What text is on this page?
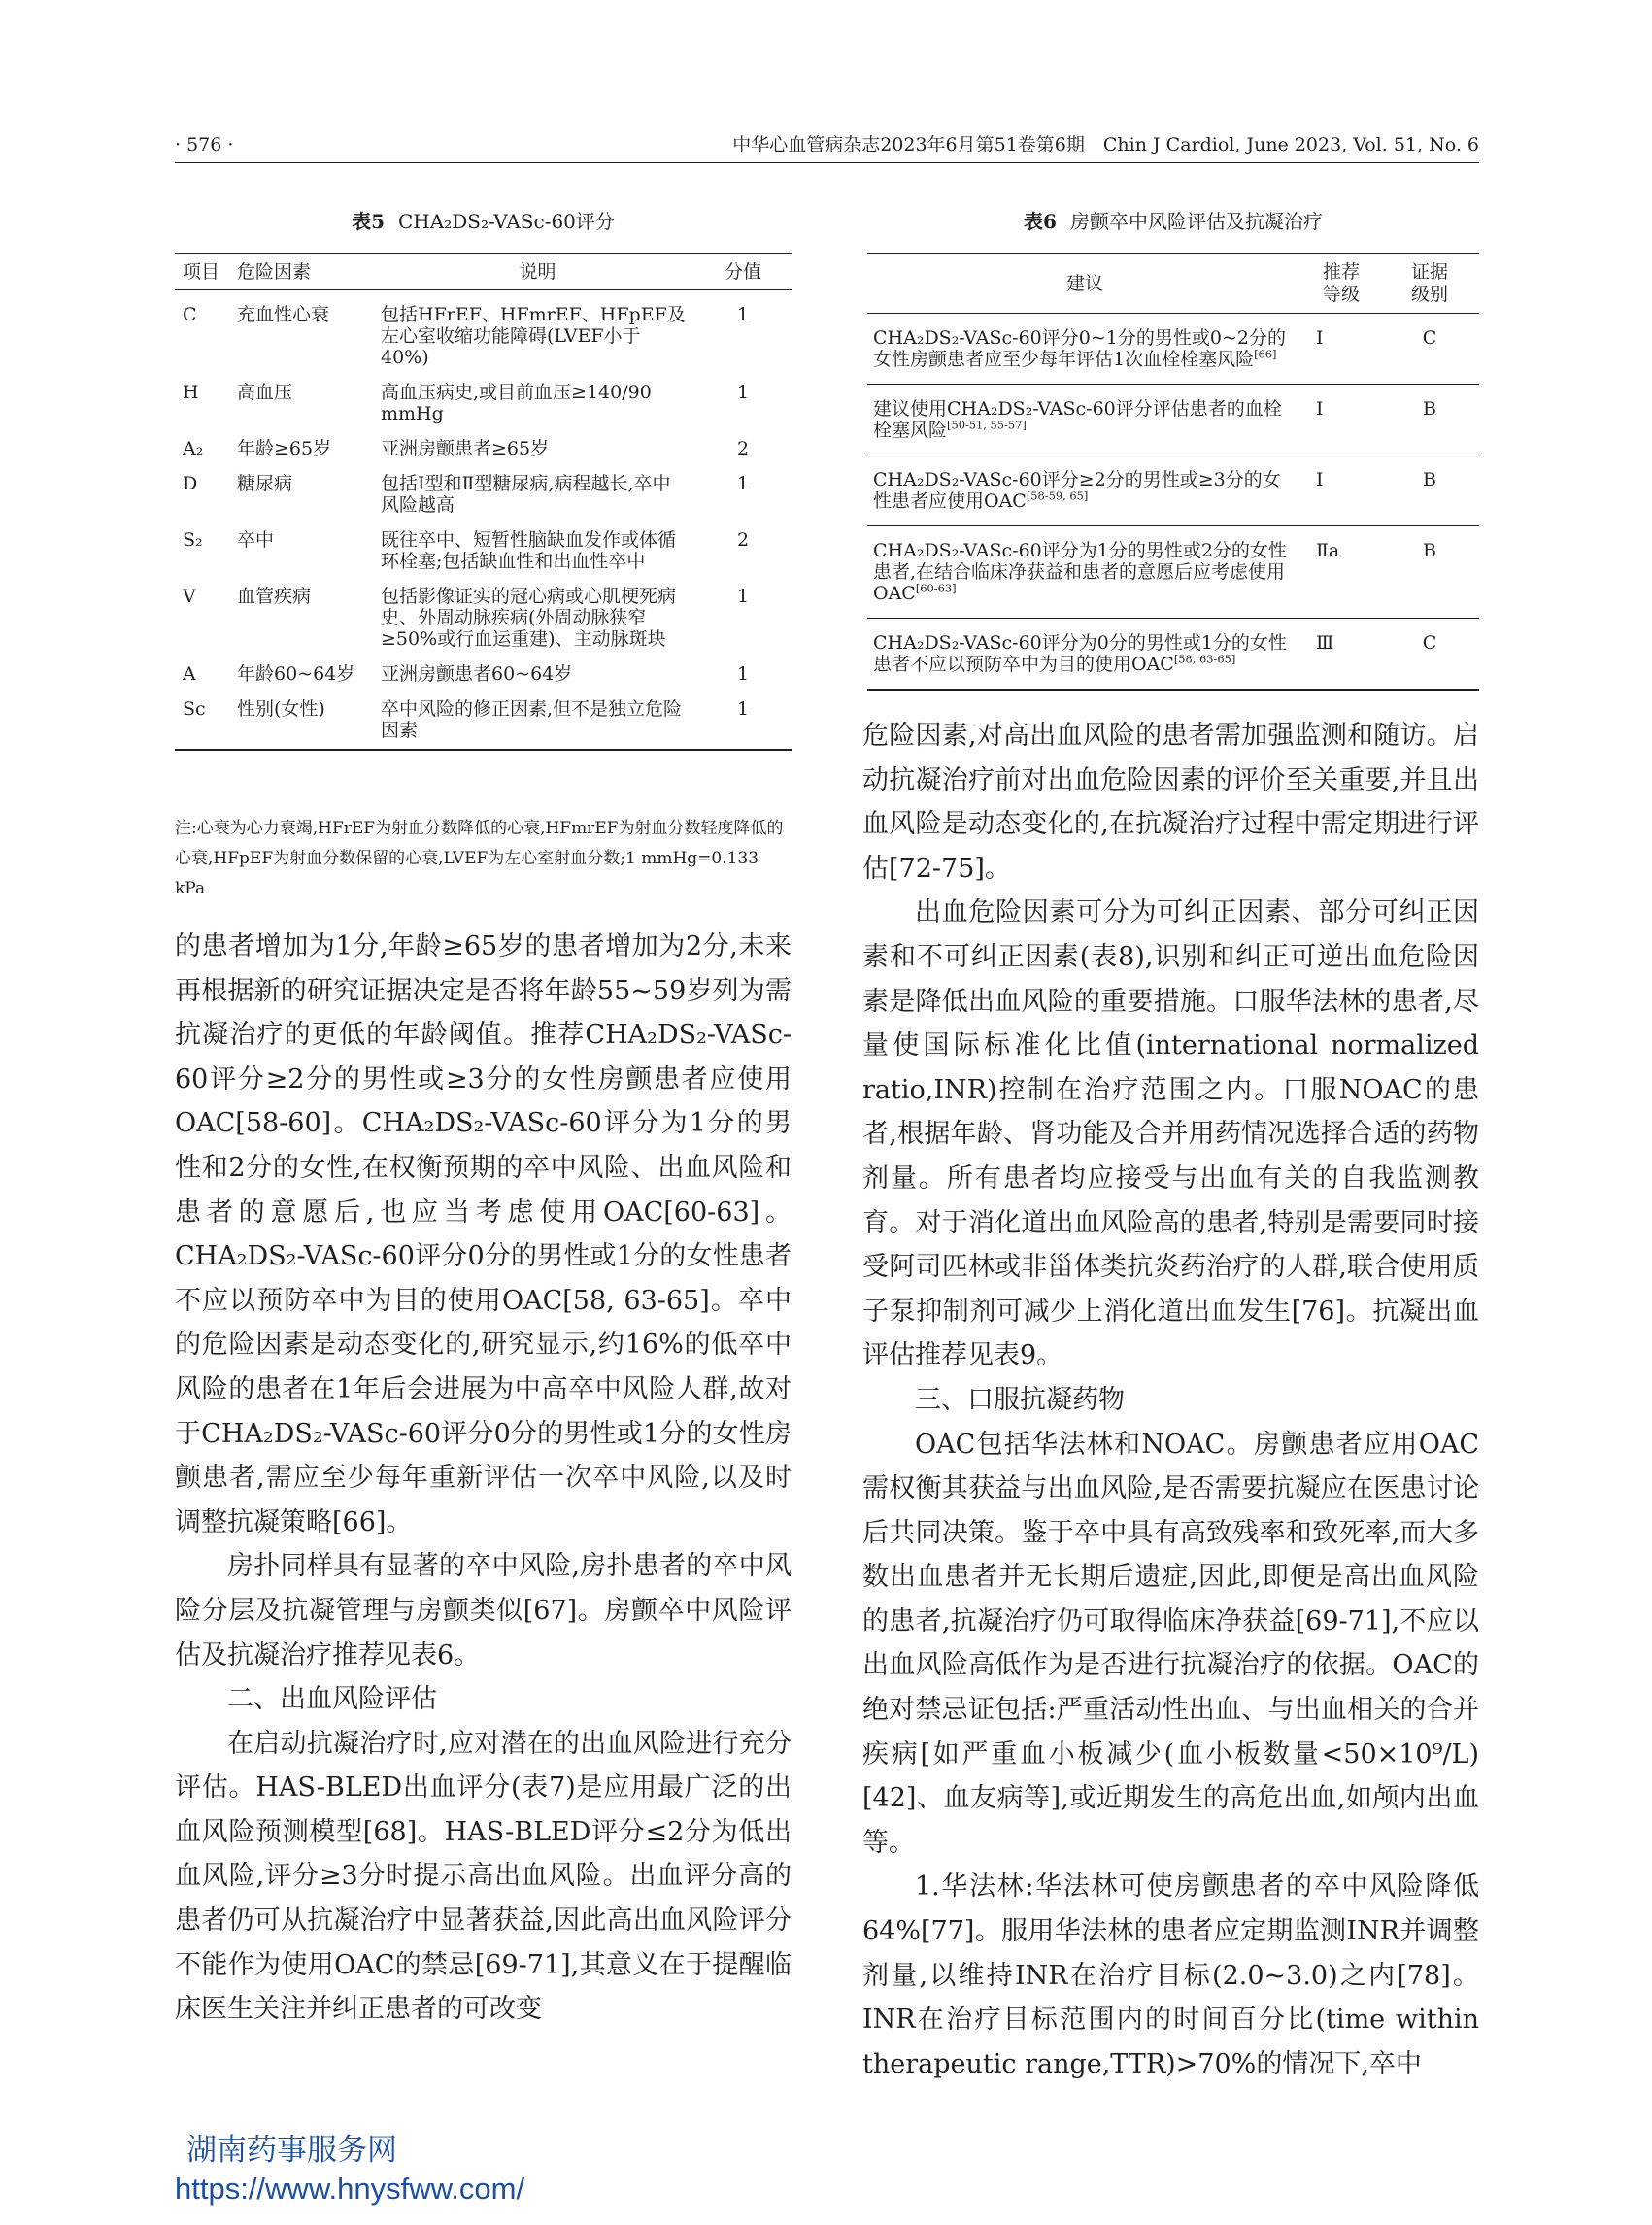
· 576 ·	中华心血管病杂志2023年6月第51卷第6期　Chin J Cardiol, June 2023, Vol. 51, No. 6
表5 CHA₂DS₂-VASc-60评分
项目	危险因素	说明	分值
C	充血性心衰	包括HFrEF、HFmrEF、HFpEF及左心室收缩功能障碍(LVEF小于40%)	1
H	高血压	高血压病史,或目前血压≥140/90 mmHg	1
A₂	年龄≥65岁	亚洲房颤患者≥65岁	2
D	糖尿病	包括Ⅰ型和Ⅱ型糖尿病,病程越长,卒中风险越高	1
S₂	卒中	既往卒中、短暂性脑缺血发作或体循环栓塞;包括缺血性和出血性卒中	2
V	血管疾病	包括影像证实的冠心病或心肌梗死病史、外周动脉疾病(外周动脉狭窄≥50%或行血运重建)、主动脉斑块	1
A	年龄60~64岁	亚洲房颤患者60~64岁	1
Sc	性别(女性)	卒中风险的修正因素,但不是独立危险因素	1
注:心衰为心力衰竭,HFrEF为射血分数降低的心衰,HFmrEF为射血分数轻度降低的心衰,HFpEF为射血分数保留的心衰,LVEF为左心室射血分数;1 mmHg=0.133 kPa
表6 房颤卒中风险评估及抗凝治疗
建议	推荐等级	证据级别
CHA₂DS₂-VASc-60评分0~1分的男性或0~2分的女性房颤患者应至少每年评估1次血栓栓塞风险[66]	Ⅰ	C
建议使用CHA₂DS₂-VASc-60评分评估患者的血栓栓塞风险[50-51, 55-57]	Ⅰ	B
CHA₂DS₂-VASc-60评分≥2分的男性或≥3分的女性患者应使用OAC[58-59, 65]	Ⅰ	B
CHA₂DS₂-VASc-60评分为1分的男性或2分的女性患者,在结合临床净获益和患者的意愿后应考虑使用OAC[60-63]	Ⅱa	B
CHA₂DS₂-VASc-60评分为0分的男性或1分的女性患者不应以预防卒中为目的使用OAC[58, 63-65]	Ⅲ	C

的患者增加为1分,年龄≥65岁的患者增加为2分,未来再根据新的研究证据决定是否将年龄55~59岁列为需抗凝治疗的更低的年龄阈值。推荐CHA₂DS₂-VASc-60评分≥2分的男性或≥3分的女性房颤患者应使用OAC[58-60]。CHA₂DS₂-VASc-60评分为1分的男性和2分的女性,在权衡预期的卒中风险、出血风险和患者的意愿后,也应当考虑使用OAC[60-63]。CHA₂DS₂-VASc-60评分0分的男性或1分的女性患者不应以预防卒中为目的使用OAC[58, 63-65]。卒中的危险因素是动态变化的,研究显示,约16%的低卒中风险的患者在1年后会进展为中高卒中风险人群,故对于CHA₂DS₂-VASc-60评分0分的男性或1分的女性房颤患者,需应至少每年重新评估一次卒中风险,以及时调整抗凝策略[66]。

房扑同样具有显著的卒中风险,房扑患者的卒中风险分层及抗凝管理与房颤类似[67]。房颤卒中风险评估及抗凝治疗推荐见表6。

二、出血风险评估

在启动抗凝治疗时,应对潜在的出血风险进行充分评估。HAS-BLED出血评分(表7)是应用最广泛的出血风险预测模型[68]。HAS-BLED评分≤2分为低出血风险,评分≥3分时提示高出血风险。出血评分高的患者仍可从抗凝治疗中显著获益,因此高出血风险评分不能作为使用OAC的禁忌[69-71],其意义在于提醒临床医生关注并纠正患者的可改变

危险因素,对高出血风险的患者需加强监测和随访。启动抗凝治疗前对出血危险因素的评价至关重要,并且出血风险是动态变化的,在抗凝治疗过程中需定期进行评估[72-75]。

出血危险因素可分为可纠正因素、部分可纠正因素和不可纠正因素(表8),识别和纠正可逆出血危险因素是降低出血风险的重要措施。口服华法林的患者,尽量使国际标准化比值(international normalized ratio,INR)控制在治疗范围之内。口服NOAC的患者,根据年龄、肾功能及合并用药情况选择合适的药物剂量。所有患者均应接受与出血有关的自我监测教育。对于消化道出血风险高的患者,特别是需要同时接受阿司匹林或非甾体类抗炎药治疗的人群,联合使用质子泵抑制剂可减少上消化道出血发生[76]。抗凝出血评估推荐见表9。

三、口服抗凝药物

OAC包括华法林和NOAC。房颤患者应用OAC需权衡其获益与出血风险,是否需要抗凝应在医患讨论后共同决策。鉴于卒中具有高致残率和致死率,而大多数出血患者并无长期后遗症,因此,即便是高出血风险的患者,抗凝治疗仍可取得临床净获益[69-71],不应以出血风险高低作为是否进行抗凝治疗的依据。OAC的绝对禁忌证包括:严重活动性出血、与出血相关的合并疾病[如严重血小板减少(血小板数量<50×10⁹/L)[42]、血友病等],或近期发生的高危出血,如颅内出血等。

1.华法林:华法林可使房颤患者的卒中风险降低64%[77]。服用华法林的患者应定期监测INR并调整剂量,以维持INR在治疗目标(2.0~3.0)之内[78]。INR在治疗目标范围内的时间百分比(time within therapeutic range,TTR)>70%的情况下,卒中

湖南药事服务网
https://www.hnysfww.com/
